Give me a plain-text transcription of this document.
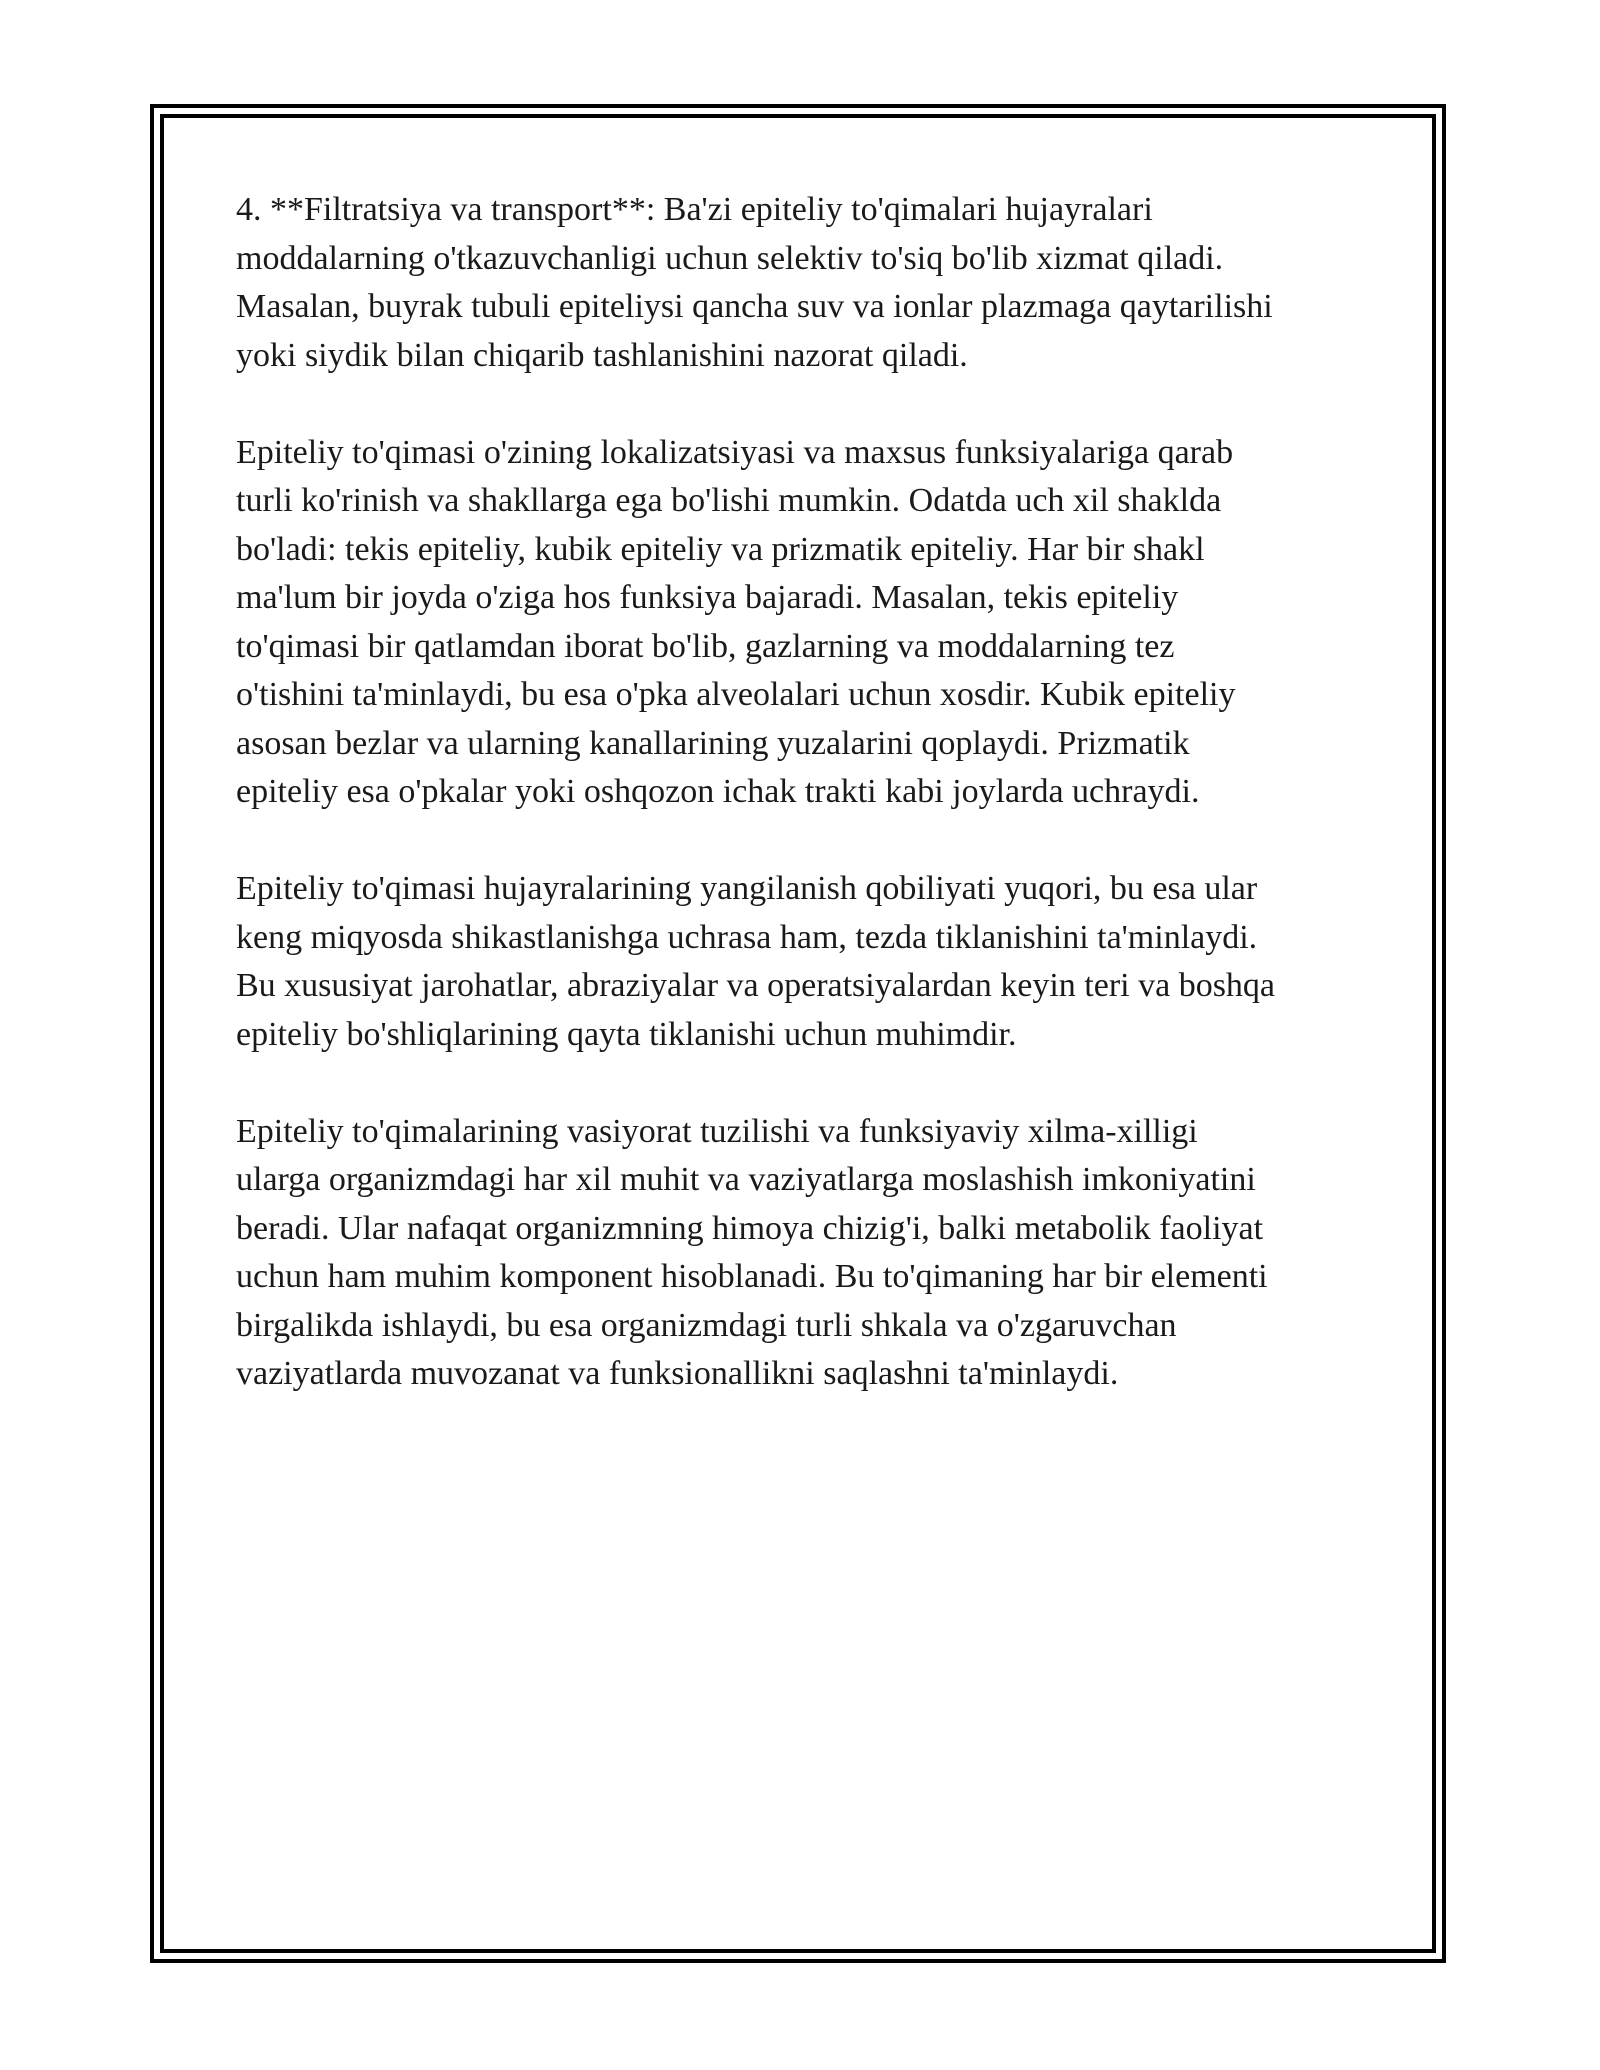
4. **Filtratsiya va transport**: Ba'zi epiteliy to'qimalari hujayralari
moddalarning o'tkazuvchanligi uchun selektiv to'siq bo'lib xizmat qiladi.
Masalan, buyrak tubuli epiteliysi qancha suv va ionlar plazmaga qaytarilishi
yoki siydik bilan chiqarib tashlanishini nazorat qiladi.

Epiteliy to'qimasi o'zining lokalizatsiyasi va maxsus funksiyalariga qarab
turli ko'rinish va shakllarga ega bo'lishi mumkin. Odatda uch xil shaklda
bo'ladi: tekis epiteliy, kubik epiteliy va prizmatik epiteliy. Har bir shakl
ma'lum bir joyda o'ziga hos funksiya bajaradi. Masalan, tekis epiteliy
to'qimasi bir qatlamdan iborat bo'lib, gazlarning va moddalarning tez
o'tishini ta'minlaydi, bu esa o'pka alveolalari uchun xosdir. Kubik epiteliy
asosan bezlar va ularning kanallarining yuzalarini qoplaydi. Prizmatik
epiteliy esa o'pkalar yoki oshqozon ichak trakti kabi joylarda uchraydi.

Epiteliy to'qimasi hujayralarining yangilanish qobiliyati yuqori, bu esa ular
keng miqyosda shikastlanishga uchrasa ham, tezda tiklanishini ta'minlaydi.
Bu xususiyat jarohatlar, abraziyalar va operatsiyalardan keyin teri va boshqa
epiteliy bo'shliqlarining qayta tiklanishi uchun muhimdir.

Epiteliy to'qimalarining vasiyorat tuzilishi va funksiyaviy xilma-xilligi
ularga organizmdagi har xil muhit va vaziyatlarga moslashish imkoniyatini
beradi. Ular nafaqat organizmning himoya chizig'i, balki metabolik faoliyat
uchun ham muhim komponent hisoblanadi. Bu to'qimaning har bir elementi
birgalikda ishlaydi, bu esa organizmdagi turli shkala va o'zgaruvchan
vaziyatlarda muvozanat va funksionallikni saqlashni ta'minlaydi.
